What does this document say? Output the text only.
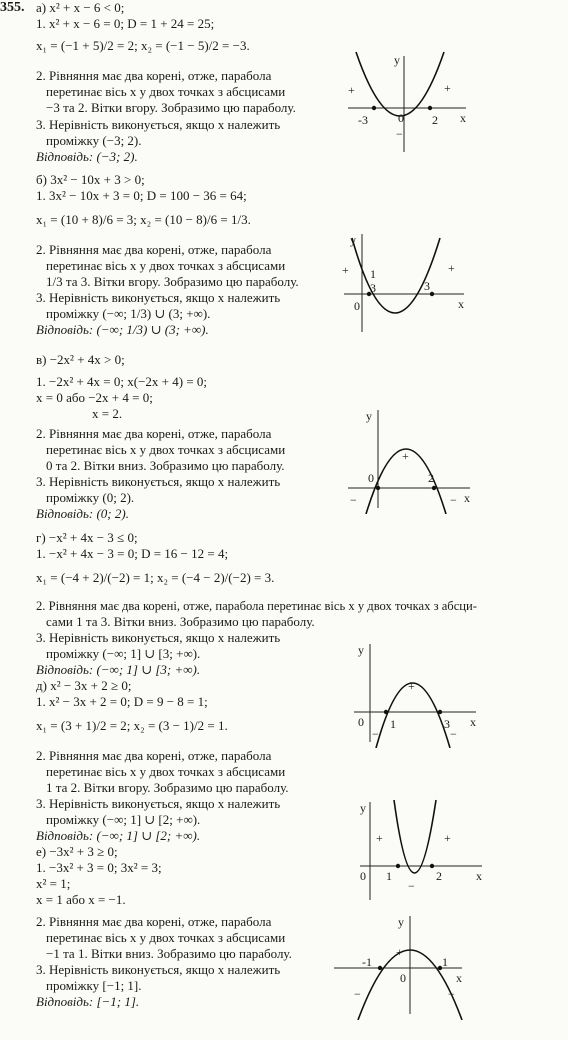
355. а) x² + x − 6 < 0;
1. x² + x − 6 = 0; D = 1 + 24 = 25;
x₁ = (−1 + 5)/2 = 2; x₂ = (−1 − 5)/2 = −3.
2. Рівняння має два корені, отже, парабола
перетинає вісь x у двох точках з абсцисами
−3 та 2. Вітки вгору. Зобразимо цю параболу.
3. Нерівність виконується, якщо x належить
проміжку (−3; 2).
Відповідь: (−3; 2).
y
x
0
-3	2
+	+
−
б) 3x² − 10x + 3 > 0;
1. 3x² − 10x + 3 = 0; D = 100 − 36 = 64;
x₁ = (10 + 8)/6 = 3; x₂ = (10 − 8)/6 = 1/3.
2. Рівняння має два корені, отже, парабола
перетинає вісь x у двох точках з абсцисами
1/3 та 3. Вітки вгору. Зобразимо цю параболу.
3. Нерівність виконується, якщо x належить
проміжку (−∞; 1/3) ∪ (3; +∞).
Відповідь: (−∞; 1/3) ∪ (3; +∞).
y
x
0
1
3	3
+	+
в) −2x² + 4x > 0;
1. −2x² + 4x = 0; x(−2x + 4) = 0;
x = 0 або −2x + 4 = 0;
x = 2.
2. Рівняння має два корені, отже, парабола
перетинає вісь x у двох точках з абсцисами
0 та 2. Вітки вниз. Зобразимо цю параболу.
3. Нерівність виконується, якщо x належить
проміжку (0; 2).
Відповідь: (0; 2).
y
x
0	2
+
−	−
г) −x² + 4x − 3 ≤ 0;
1. −x² + 4x − 3 = 0; D = 16 − 12 = 4;
x₁ = (−4 + 2)/(−2) = 1; x₂ = (−4 − 2)/(−2) = 3.
2. Рівняння має два корені, отже, парабола перетинає вісь x у двох точках з абсци-
сами 1 та 3. Вітки вниз. Зобразимо цю параболу.
3. Нерівність виконується, якщо x належить
проміжку (−∞; 1] ∪ [3; +∞).
Відповідь: (−∞; 1] ∪ [3; +∞).
y
x
0 1	3
+
−	−
д) x² − 3x + 2 ≥ 0;
1. x² − 3x + 2 = 0; D = 9 − 8 = 1;
x₁ = (3 + 1)/2 = 2; x₂ = (3 − 1)/2 = 1.
2. Рівняння має два корені, отже, парабола
перетинає вісь x у двох точках з абсцисами
1 та 2. Вітки вгору. Зобразимо цю параболу.
3. Нерівність виконується, якщо x належить
проміжку (−∞; 1] ∪ [2; +∞).
Відповідь: (−∞; 1] ∪ [2; +∞).
y
x
0 1	2
+	+
−
е) −3x² + 3 ≥ 0;
1. −3x² + 3 = 0; 3x² = 3;
x² = 1;
x = 1 або x = −1.
2. Рівняння має два корені, отже, парабола
перетинає вісь x у двох точках з абсцисами
−1 та 1. Вітки вниз. Зобразимо цю параболу.
3. Нерівність виконується, якщо x належить
проміжку [−1; 1].
Відповідь: [−1; 1].
y
x
0
-1	1
+
−	−
